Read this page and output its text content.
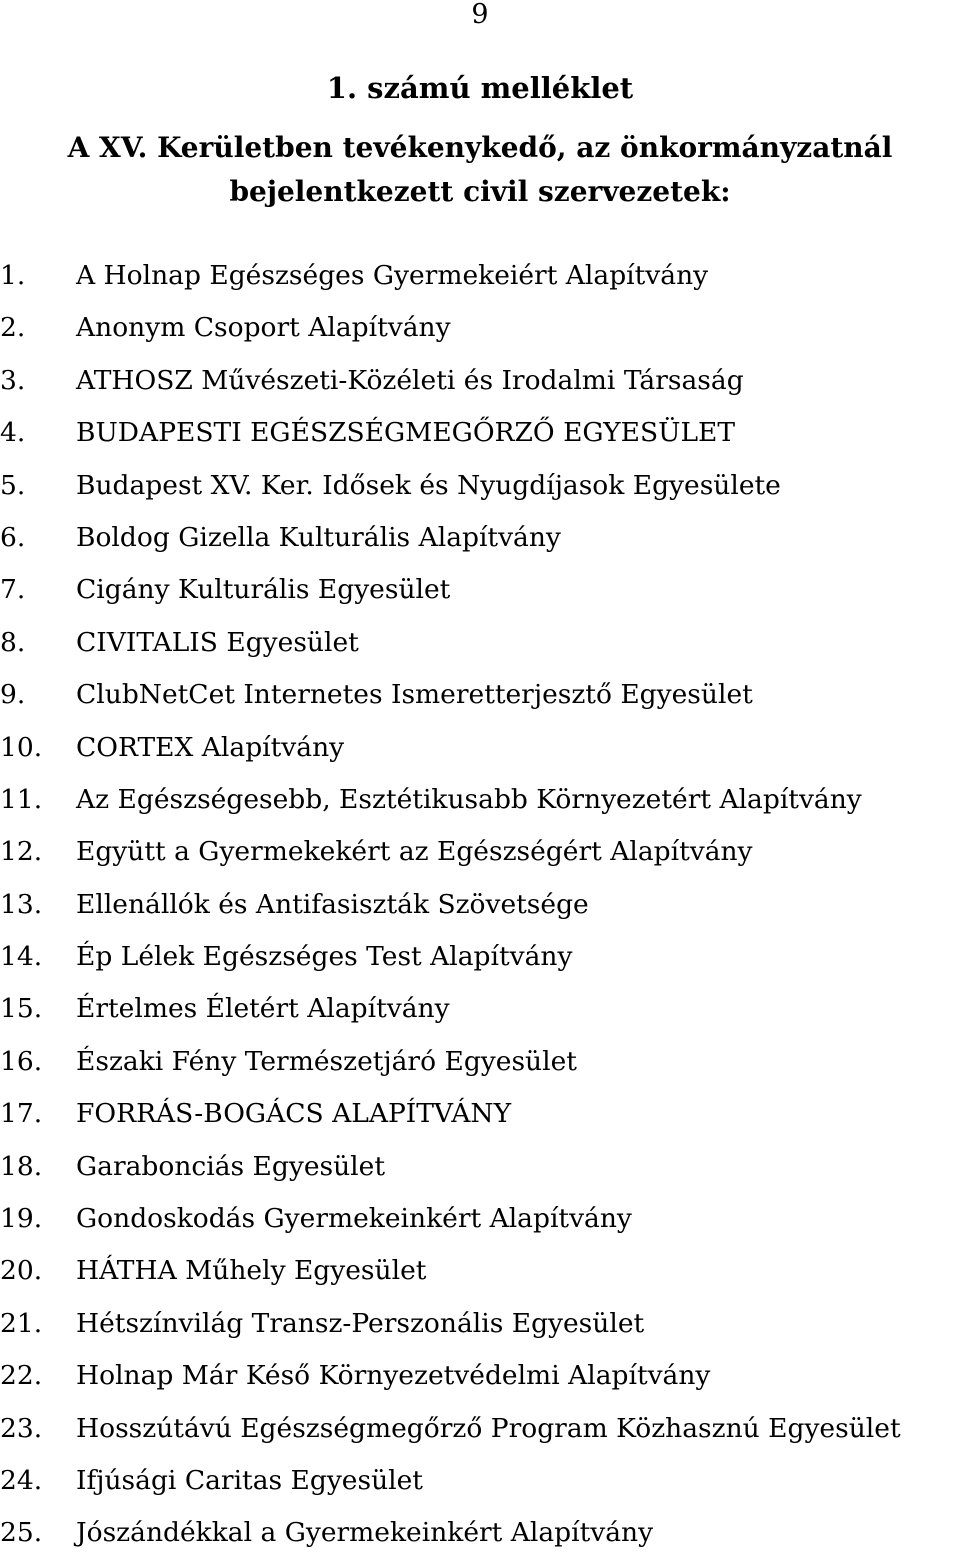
9
1. számú melléklet
A XV. Kerületben tevékenykedő, az önkormányzatnál
bejelentkezett civil szervezetek:
1. A Holnap Egészséges Gyermekeiért Alapítvány
2. Anonym Csoport Alapítvány
3. ATHOSZ Művészeti-Közéleti és Irodalmi Társaság
4. BUDAPESTI EGÉSZSÉGMEGŐRZŐ EGYESÜLET
5. Budapest XV. Ker. Idősek és Nyugdíjasok Egyesülete
6. Boldog Gizella Kulturális Alapítvány
7. Cigány Kulturális Egyesület
8. CIVITALIS Egyesület
9. ClubNetCet Internetes Ismeretterjesztő Egyesület
10. CORTEX Alapítvány
11. Az Egészségesebb, Esztétikusabb Környezetért Alapítvány
12. Együtt a Gyermekekért az Egészségért Alapítvány
13. Ellenállók és Antifasiszták Szövetsége
14. Ép Lélek Egészséges Test Alapítvány
15. Értelmes Életért Alapítvány
16. Északi Fény Természetjáró Egyesület
17. FORRÁS-BOGÁCS ALAPÍTVÁNY
18. Garabonciás Egyesület
19. Gondoskodás Gyermekeinkért Alapítvány
20. HÁTHA Műhely Egyesület
21. Hétszínvilág Transz-Perszonális Egyesület
22. Holnap Már Késő Környezetvédelmi Alapítvány
23. Hosszútávú Egészségmegőrző Program Közhasznú Egyesület
24. Ifjúsági Caritas Egyesület
25. Jószándékkal a Gyermekeinkért Alapítvány
